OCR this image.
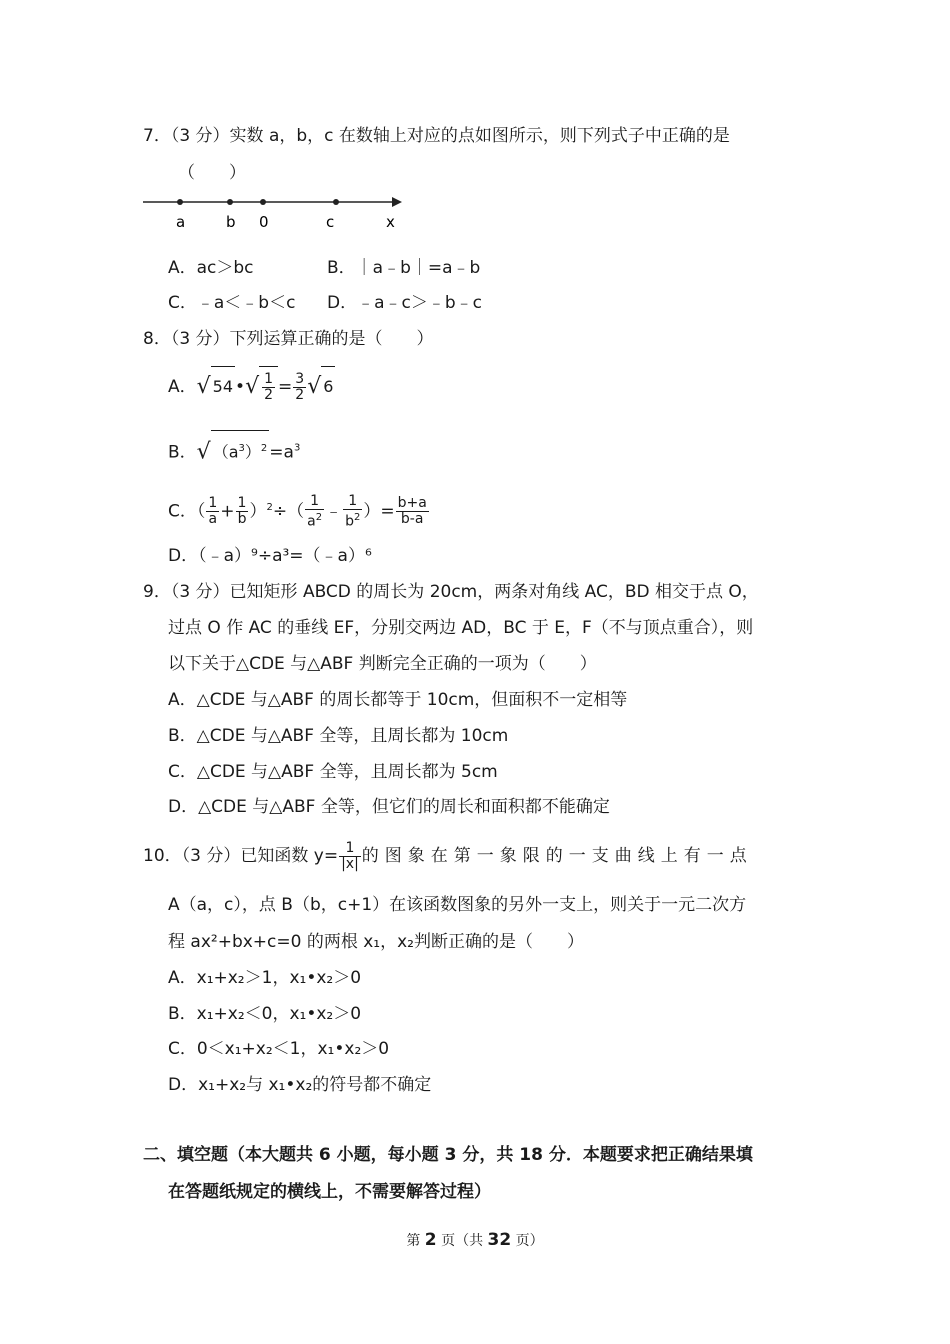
7．（3 分）实数 a，b，c 在数轴上对应的点如图所示，则下列式子中正确的是
（　　）
a	b 0	c	x
A．ac＞bc	B．｜a﹣b｜=a﹣b
C．﹣a＜﹣b＜c D．﹣a﹣c＞﹣b﹣c
8．（3 分）下列运算正确的是（　　）
A．√ 54 •√ $\frac{1}{2} = \frac{3}{2}$ √ 6
B．√ $(a^3)^2 =a^3$
C．（ $\frac{1}{a} + \frac{1}{b} )^2\div( \frac{1}{a^2}$ ﹣ $\frac{1}{b^2}$ ）= $\frac{b+a}{b-a}$
D．（﹣a）⁹÷a³=（﹣a）⁶
9．（3 分）已知矩形 ABCD 的周长为 20cm，两条对角线 AC，BD 相交于点 O，
过点 O 作 AC 的垂线 EF，分别交两边 AD，BC 于 E，F（不与顶点重合），则
以下关于△CDE 与△ABF 判断完全正确的一项为（　　）
A．△CDE 与△ABF 的周长都等于 10cm，但面积不一定相等
B．△CDE 与△ABF 全等，且周长都为 10cm
C．△CDE 与△ABF 全等，且周长都为 5cm
D．△CDE 与△ABF 全等，但它们的周长和面积都不能确定
10．（3 分）已知函数 $y= \frac{1}{|x|}$ 的图象在第一象限的一支曲线上有一点
A（a，c），点 B（b，c+1）在该函数图象的另外一支上，则关于一元二次方
程 ax²+bx+c=0 的两根 x₁，x₂判断正确的是（　　）
A．x₁+x₂＞1，x₁•x₂＞0
B．x₁+x₂＜0，x₁•x₂＞0
C．0＜x₁+x₂＜1，x₁•x₂＞0
D．x₁+x₂与 x₁•x₂的符号都不确定
二、填空题（本大题共 6 小题，每小题 3 分，共 18 分．本题要求把正确结果填
在答题纸规定的横线上，不需要解答过程）
第 2 页（共 32 页）
